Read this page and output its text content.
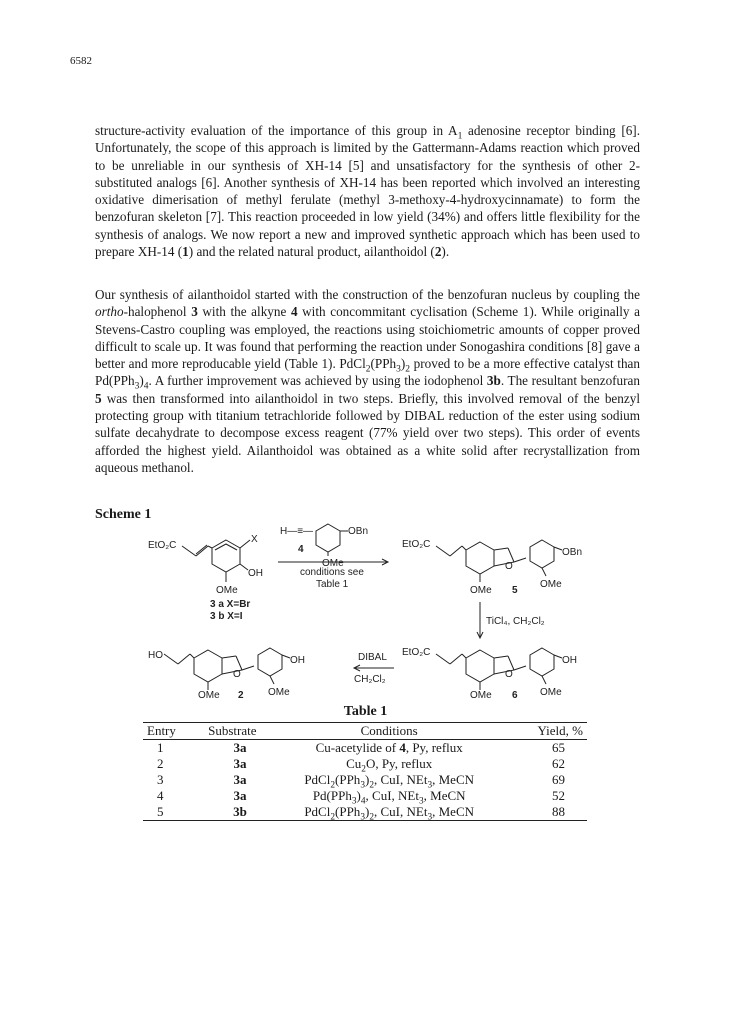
6582

structure-activity evaluation of the importance of this group in $A_1$ adenosine receptor binding [6]. Unfortunately, the scope of this approach is limited by the Gattermann-Adams reaction which proved to be unreliable in our synthesis of XH-14 [5] and unsatisfactory for the synthesis of other 2-substituted analogs [6]. Another synthesis of XH-14 has been reported which involved an interesting oxidative dimerisation of methyl ferulate (methyl 3-methoxy-4-hydroxycinnamate) to form the benzofuran skeleton [7]. This reaction proceeded in low yield (34%) and offers little flexibility for the synthesis of analogs. We now report a new and improved synthetic approach which has been used to prepare XH-14 (1) and the related natural product, ailanthoidol (2).

Our synthesis of ailanthoidol started with the construction of the benzofuran nucleus by coupling the ortho-halophenol 3 with the alkyne 4 with concommitant cyclisation (Scheme 1). While originally a Stevens-Castro coupling was employed, the reactions using stoichiometric amounts of copper proved difficult to scale up. It was found that performing the reaction under Sonogashira conditions [8] gave a better and more reproducable yield (Table 1). $PdCl_2(PPh_3)_2$ proved to be a more effective catalyst than $Pd(PPh_3)_4$. A further improvement was achieved by using the iodophenol 3b. The resultant benzofuran 5 was then transformed into ailanthoidol in two steps. Briefly, this involved removal of the benzyl protecting group with titanium tetrachloride followed by DIBAL reduction of the ester using sodium sulfate decahydrate to decompose excess reagent (77% yield over two steps). This order of events afforded the highest yield. Ailanthoidol was obtained as a white solid after recrystallization from aqueous methanol.

Scheme 1
EtO₂C
X
OH
OMe
3 a X=Br
3 b X=I
H—≡—	OBn
4
OMe
conditions see
Table 1
EtO₂C
OBn
OMe 5
OMe
O
TiCl₄, CH₂Cl₂
EtO₂C
OH
OMe 6 OMe
O
DIBAL
CH₂Cl₂
HO	OH
OMe 2 OMe
O
Table 1
Entry	Substrate	Conditions	Yield, %
1	3a	Cu-acetylide of 4, Py, reflux	65
2	3a	$Cu_2O$, Py, reflux	62
3	3a	$PdCl_2(PPh_3)_2$, CuI, NEt$_3$, MeCN	69
4	3a	$Pd(PPh_3)_4$, CuI, NEt$_3$, MeCN	52
5	3b	$PdCl_2(PPh_3)_2$, CuI, NEt$_3$, MeCN	88
